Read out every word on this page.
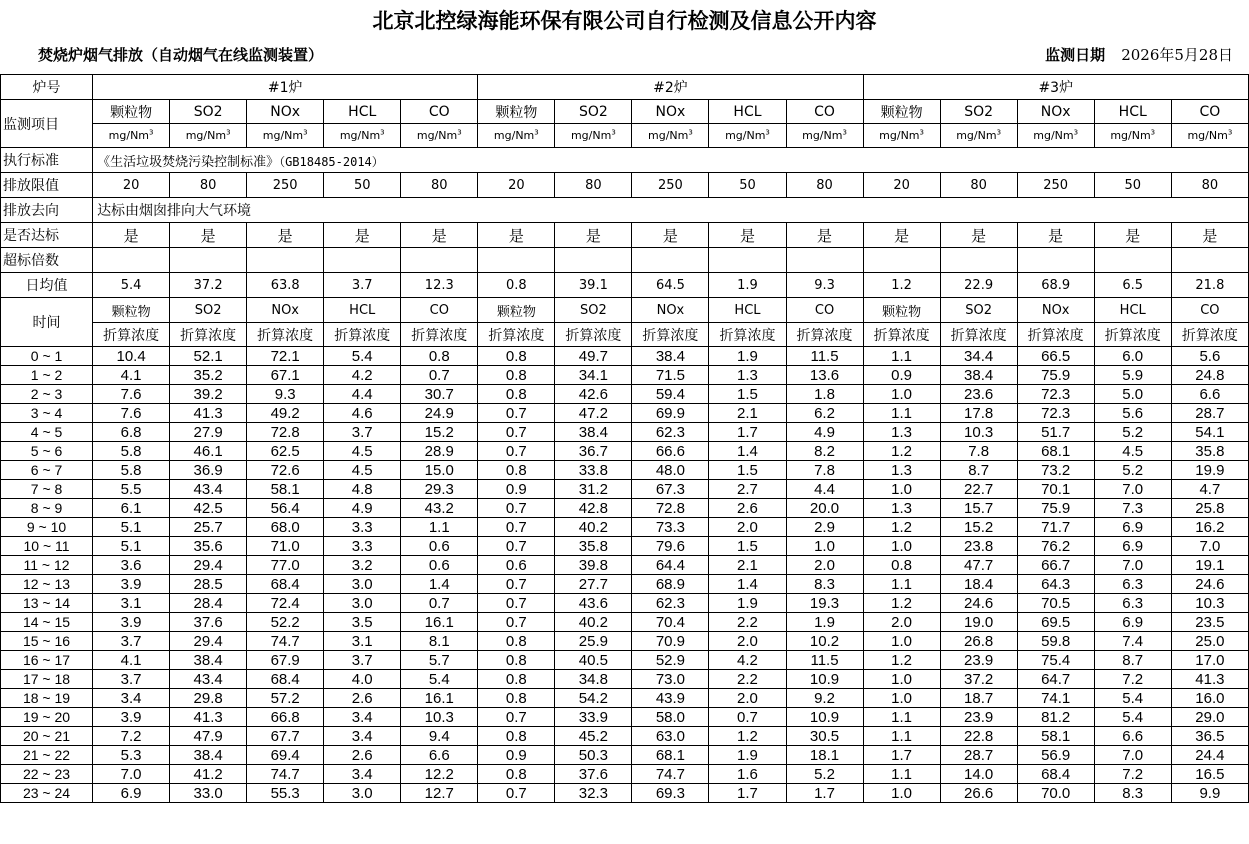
北京北控绿海能环保有限公司自行检测及信息公开内容
焚烧炉烟气排放（自动烟气在线监测装置）	监测日期 2026年5月28日
炉号	#1炉					#2炉					#3炉				
监测项目	颗粒物	SO2	NOx	HCL	CO	颗粒物	SO2	NOx	HCL	CO	颗粒物	SO2	NOx	HCL	CO
	mg/Nm$^3$	mg/Nm$^3$	mg/Nm$^3$	mg/Nm$^3$	mg/Nm$^3$	mg/Nm$^3$	mg/Nm$^3$	mg/Nm$^3$	mg/Nm$^3$	mg/Nm$^3$	mg/Nm$^3$	mg/Nm$^3$	mg/Nm$^3$	mg/Nm$^3$	mg/Nm$^3$
执行标准	《生活垃圾焚烧污染控制标准》（GB18485-2014）														
排放限值	20	80	250	50	80	20	80	250	50	80	20	80	250	50	80
排放去向	达标由烟囱排向大气环境														
是否达标	是	是	是	是	是	是	是	是	是	是	是	是	是	是	是
超标倍数															
日均值	5.4	37.2	63.8	3.7	12.3	0.8	39.1	64.5	1.9	9.3	1.2	22.9	68.9	6.5	21.8
时间	颗粒物	SO2	NOx	HCL	CO	颗粒物	SO2	NOx	HCL	CO	颗粒物	SO2	NOx	HCL	CO
	折算浓度	折算浓度	折算浓度	折算浓度	折算浓度	折算浓度	折算浓度	折算浓度	折算浓度	折算浓度	折算浓度	折算浓度	折算浓度	折算浓度	折算浓度
0 ~ 1	10.4	52.1	72.1	5.4	0.8	0.8	49.7	38.4	1.9	11.5	1.1	34.4	66.5	6.0	5.6
1 ~ 2	4.1	35.2	67.1	4.2	0.7	0.8	34.1	71.5	1.3	13.6	0.9	38.4	75.9	5.9	24.8
2 ~ 3	7.6	39.2	9.3	4.4	30.7	0.8	42.6	59.4	1.5	1.8	1.0	23.6	72.3	5.0	6.6
3 ~ 4	7.6	41.3	49.2	4.6	24.9	0.7	47.2	69.9	2.1	6.2	1.1	17.8	72.3	5.6	28.7
4 ~ 5	6.8	27.9	72.8	3.7	15.2	0.7	38.4	62.3	1.7	4.9	1.3	10.3	51.7	5.2	54.1
5 ~ 6	5.8	46.1	62.5	4.5	28.9	0.7	36.7	66.6	1.4	8.2	1.2	7.8	68.1	4.5	35.8
6 ~ 7	5.8	36.9	72.6	4.5	15.0	0.8	33.8	48.0	1.5	7.8	1.3	8.7	73.2	5.2	19.9
7 ~ 8	5.5	43.4	58.1	4.8	29.3	0.9	31.2	67.3	2.7	4.4	1.0	22.7	70.1	7.0	4.7
8 ~ 9	6.1	42.5	56.4	4.9	43.2	0.7	42.8	72.8	2.6	20.0	1.3	15.7	75.9	7.3	25.8
9 ~ 10	5.1	25.7	68.0	3.3	1.1	0.7	40.2	73.3	2.0	2.9	1.2	15.2	71.7	6.9	16.2
10 ~ 11	5.1	35.6	71.0	3.3	0.6	0.7	35.8	79.6	1.5	1.0	1.0	23.8	76.2	6.9	7.0
11 ~ 12	3.6	29.4	77.0	3.2	0.6	0.6	39.8	64.4	2.1	2.0	0.8	47.7	66.7	7.0	19.1
12 ~ 13	3.9	28.5	68.4	3.0	1.4	0.7	27.7	68.9	1.4	8.3	1.1	18.4	64.3	6.3	24.6
13 ~ 14	3.1	28.4	72.4	3.0	0.7	0.7	43.6	62.3	1.9	19.3	1.2	24.6	70.5	6.3	10.3
14 ~ 15	3.9	37.6	52.2	3.5	16.1	0.7	40.2	70.4	2.2	1.9	2.0	19.0	69.5	6.9	23.5
15 ~ 16	3.7	29.4	74.7	3.1	8.1	0.8	25.9	70.9	2.0	10.2	1.0	26.8	59.8	7.4	25.0
16 ~ 17	4.1	38.4	67.9	3.7	5.7	0.8	40.5	52.9	4.2	11.5	1.2	23.9	75.4	8.7	17.0
17 ~ 18	3.7	43.4	68.4	4.0	5.4	0.8	34.8	73.0	2.2	10.9	1.0	37.2	64.7	7.2	41.3
18 ~ 19	3.4	29.8	57.2	2.6	16.1	0.8	54.2	43.9	2.0	9.2	1.0	18.7	74.1	5.4	16.0
19 ~ 20	3.9	41.3	66.8	3.4	10.3	0.7	33.9	58.0	0.7	10.9	1.1	23.9	81.2	5.4	29.0
20 ~ 21	7.2	47.9	67.7	3.4	9.4	0.8	45.2	63.0	1.2	30.5	1.1	22.8	58.1	6.6	36.5
21 ~ 22	5.3	38.4	69.4	2.6	6.6	0.9	50.3	68.1	1.9	18.1	1.7	28.7	56.9	7.0	24.4
22 ~ 23	7.0	41.2	74.7	3.4	12.2	0.8	37.6	74.7	1.6	5.2	1.1	14.0	68.4	7.2	16.5
23 ~ 24	6.9	33.0	55.3	3.0	12.7	0.7	32.3	69.3	1.7	1.7	1.0	26.6	70.0	8.3	9.9
